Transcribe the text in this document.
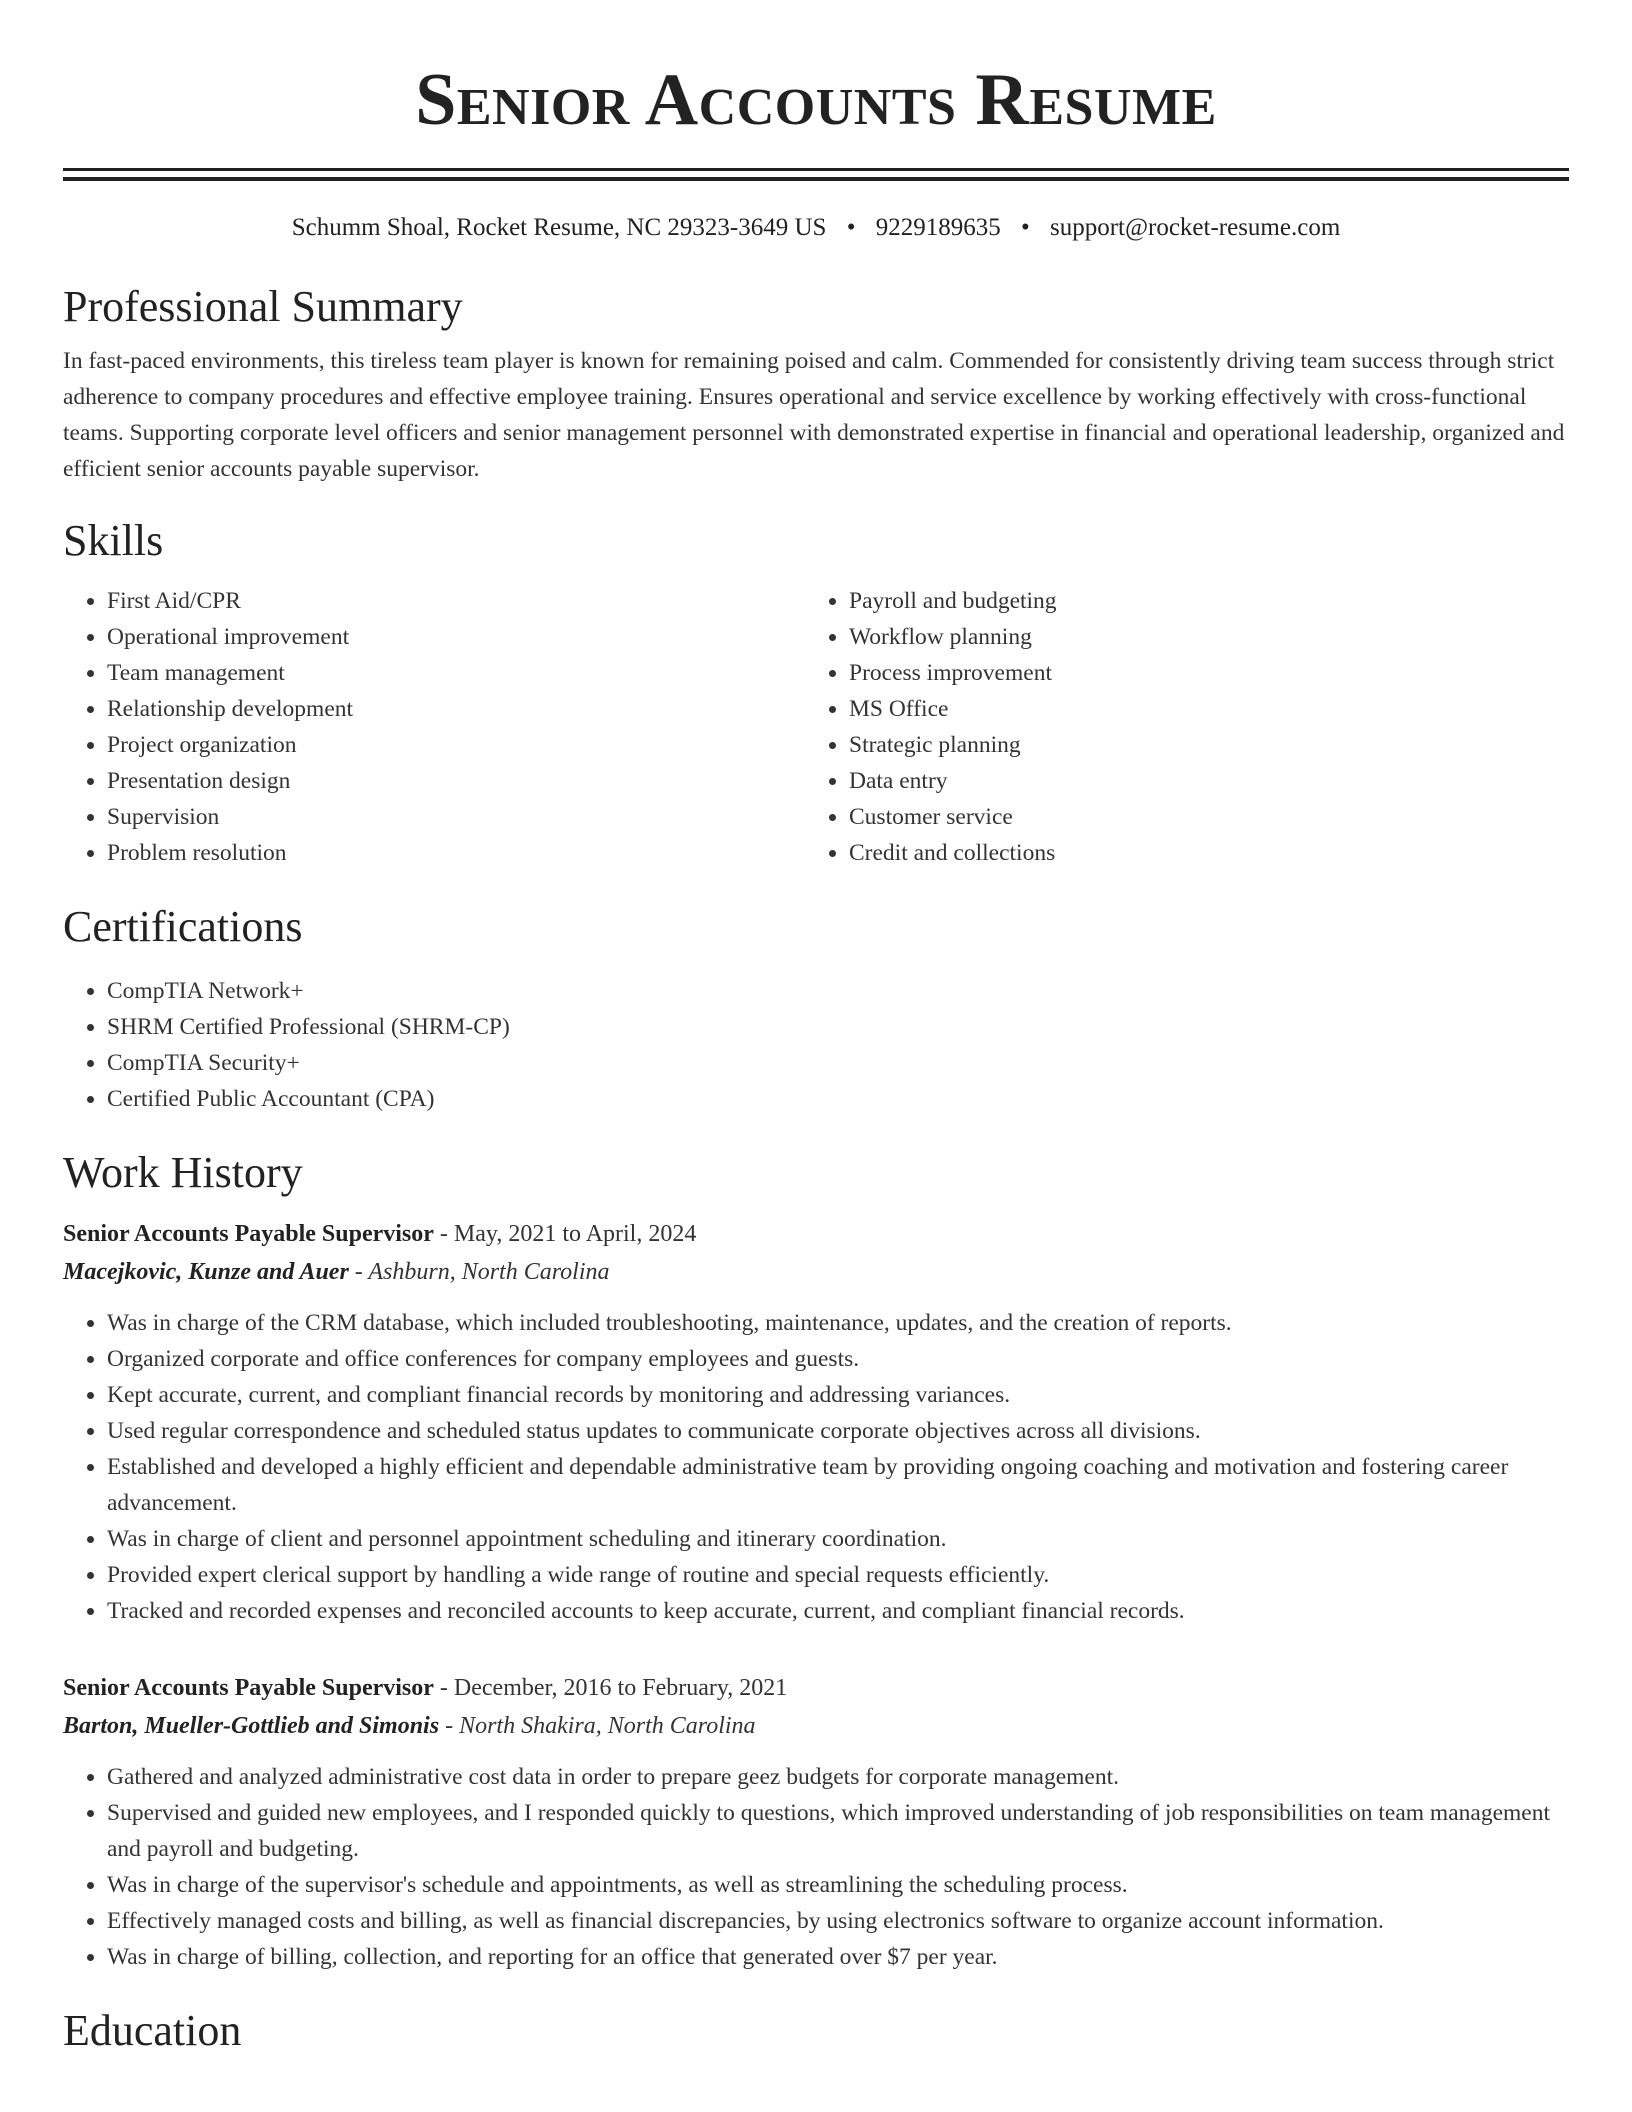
Senior Accounts Resume
Schumm Shoal, Rocket Resume, NC 29323-3649 US • 9229189635 • support@rocket-resume.com
Professional Summary

In fast-paced environments, this tireless team player is known for remaining poised and calm. Commended for consistently driving team success through strict adherence to company procedures and effective employee training. Ensures operational and service excellence by working effectively with cross-functional teams. Supporting corporate level officers and senior management personnel with demonstrated expertise in financial and operational leadership, organized and efficient senior accounts payable supervisor.

Skills
• First Aid/CPR
• Operational improvement
• Team management
• Relationship development
• Project organization
• Presentation design
• Supervision
• Problem resolution
• Payroll and budgeting
• Workflow planning
• Process improvement
• MS Office
• Strategic planning
• Data entry
• Customer service
• Credit and collections
Certifications
• CompTIA Network+
• SHRM Certified Professional (SHRM-CP)
• CompTIA Security+
• Certified Public Accountant (CPA)
Work History
Senior Accounts Payable Supervisor - May, 2021 to April, 2024
Macejkovic, Kunze and Auer - Ashburn, North Carolina
• Was in charge of the CRM database, which included troubleshooting, maintenance, updates, and the creation of reports.
• Organized corporate and office conferences for company employees and guests.
• Kept accurate, current, and compliant financial records by monitoring and addressing variances.
• Used regular correspondence and scheduled status updates to communicate corporate objectives across all divisions.
• Established and developed a highly efficient and dependable administrative team by providing ongoing coaching and motivation and fostering career advancement.
• Was in charge of client and personnel appointment scheduling and itinerary coordination.
• Provided expert clerical support by handling a wide range of routine and special requests efficiently.
• Tracked and recorded expenses and reconciled accounts to keep accurate, current, and compliant financial records.
Senior Accounts Payable Supervisor - December, 2016 to February, 2021
Barton, Mueller-Gottlieb and Simonis - North Shakira, North Carolina
• Gathered and analyzed administrative cost data in order to prepare geez budgets for corporate management.
• Supervised and guided new employees, and I responded quickly to questions, which improved understanding of job responsibilities on team management and payroll and budgeting.
• Was in charge of the supervisor's schedule and appointments, as well as streamlining the scheduling process.
• Effectively managed costs and billing, as well as financial discrepancies, by using electronics software to organize account information.
• Was in charge of billing, collection, and reporting for an office that generated over $7 per year.
Education
